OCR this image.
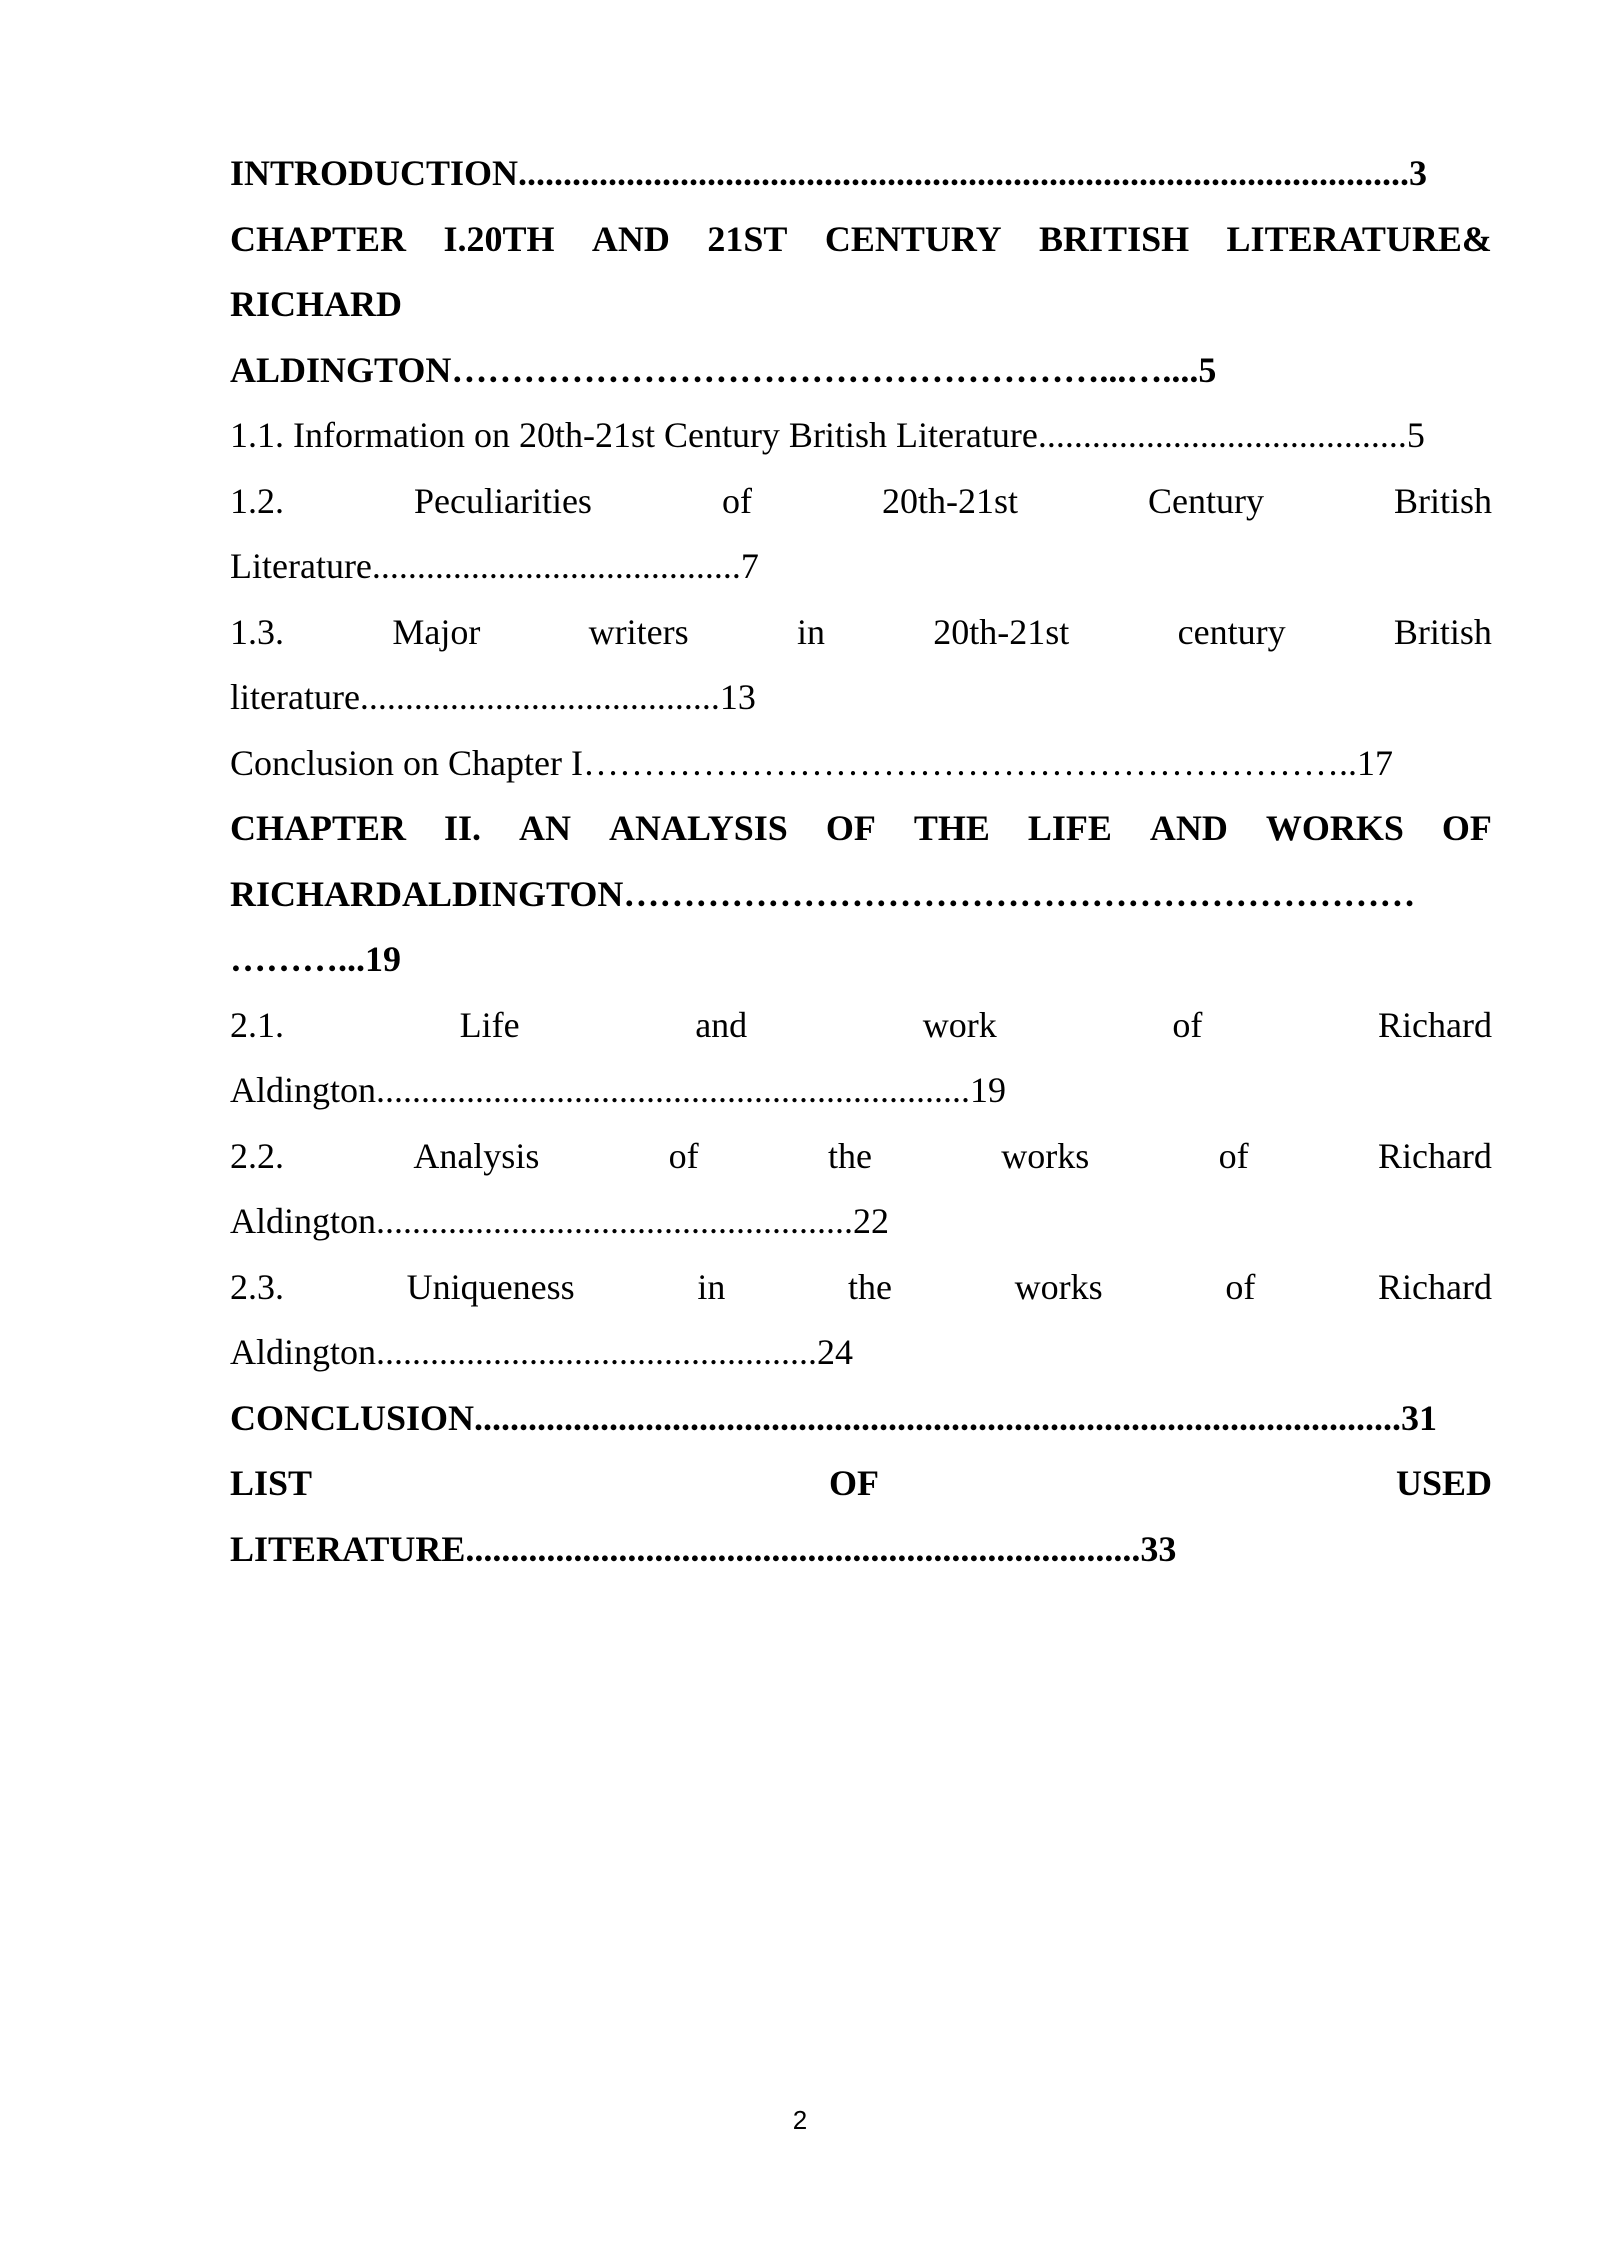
INTRODUCTION...................................................................................................3
CHAPTER I.20TH AND 21ST CENTURY BRITISH LITERATURE&
RICHARD
ALDINGTON………………………………………………...…....5
1.1. Information on 20th-21st Century British Literature.........................................5
1.2.	Peculiarities	of	20th-21st	Century	British
Literature.........................................7
1.3.	Major	writers	in	20th-21st	century	British
literature........................................13
Conclusion on Chapter I………………………………………………………..17
CHAPTER II. AN ANALYSIS OF THE LIFE AND WORKS OF
RICHARDALDINGTON…………………………………………………………
………...19
2.1.	Life	and	work	of	Richard
Aldington..................................................................19
2.2.	Analysis	of	the	works	of	Richard
Aldington.....................................................22
2.3.	Uniqueness	in	the	works	of	Richard
Aldington.................................................24
CONCLUSION.......................................................................................................31
LIST	OF	USED
LITERATURE...........................................................................33
2
